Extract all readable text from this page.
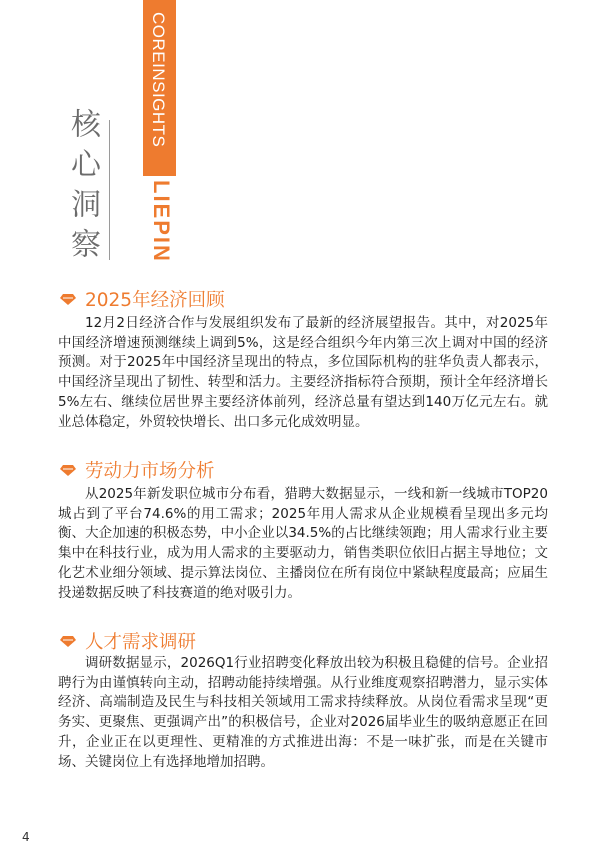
COREINSIGHTS
LIEPIN
核心洞察
2025年经济回顾
12月2日经济合作与发展组织发布了最新的经济展望报告。其中，对2025年中国经济增速预测继续上调到5%，这是经合组织今年内第三次上调对中国的经济预测。对于2025年中国经济呈现出的特点，多位国际机构的驻华负责人都表示，中国经济呈现出了韧性、转型和活力。主要经济指标符合预期，预计全年经济增长5%左右、继续位居世界主要经济体前列，经济总量有望达到140万亿元左右。就业总体稳定，外贸较快增长、出口多元化成效明显。
劳动力市场分析
从2025年新发职位城市分布看，猎聘大数据显示，一线和新一线城市TOP20城占到了平台74.6%的用工需求；2025年用人需求从企业规模看呈现出多元均衡、大企加速的积极态势，中小企业以34.5%的占比继续领跑；用人需求行业主要集中在科技行业，成为用人需求的主要驱动力，销售类职位依旧占据主导地位；文化艺术业细分领域、提示算法岗位、主播岗位在所有岗位中紧缺程度最高；应届生投递数据反映了科技赛道的绝对吸引力。
人才需求调研
调研数据显示，2026Q1行业招聘变化释放出较为积极且稳健的信号。企业招聘行为由谨慎转向主动，招聘动能持续增强。从行业维度观察招聘潜力，显示实体经济、高端制造及民生与科技相关领域用工需求持续释放。从岗位看需求呈现“更务实、更聚焦、更强调产出”的积极信号，企业对2026届毕业生的吸纳意愿正在回升，企业正在以更理性、更精准的方式推进出海：不是一味扩张，而是在关键市场、关键岗位上有选择地增加招聘。
4
